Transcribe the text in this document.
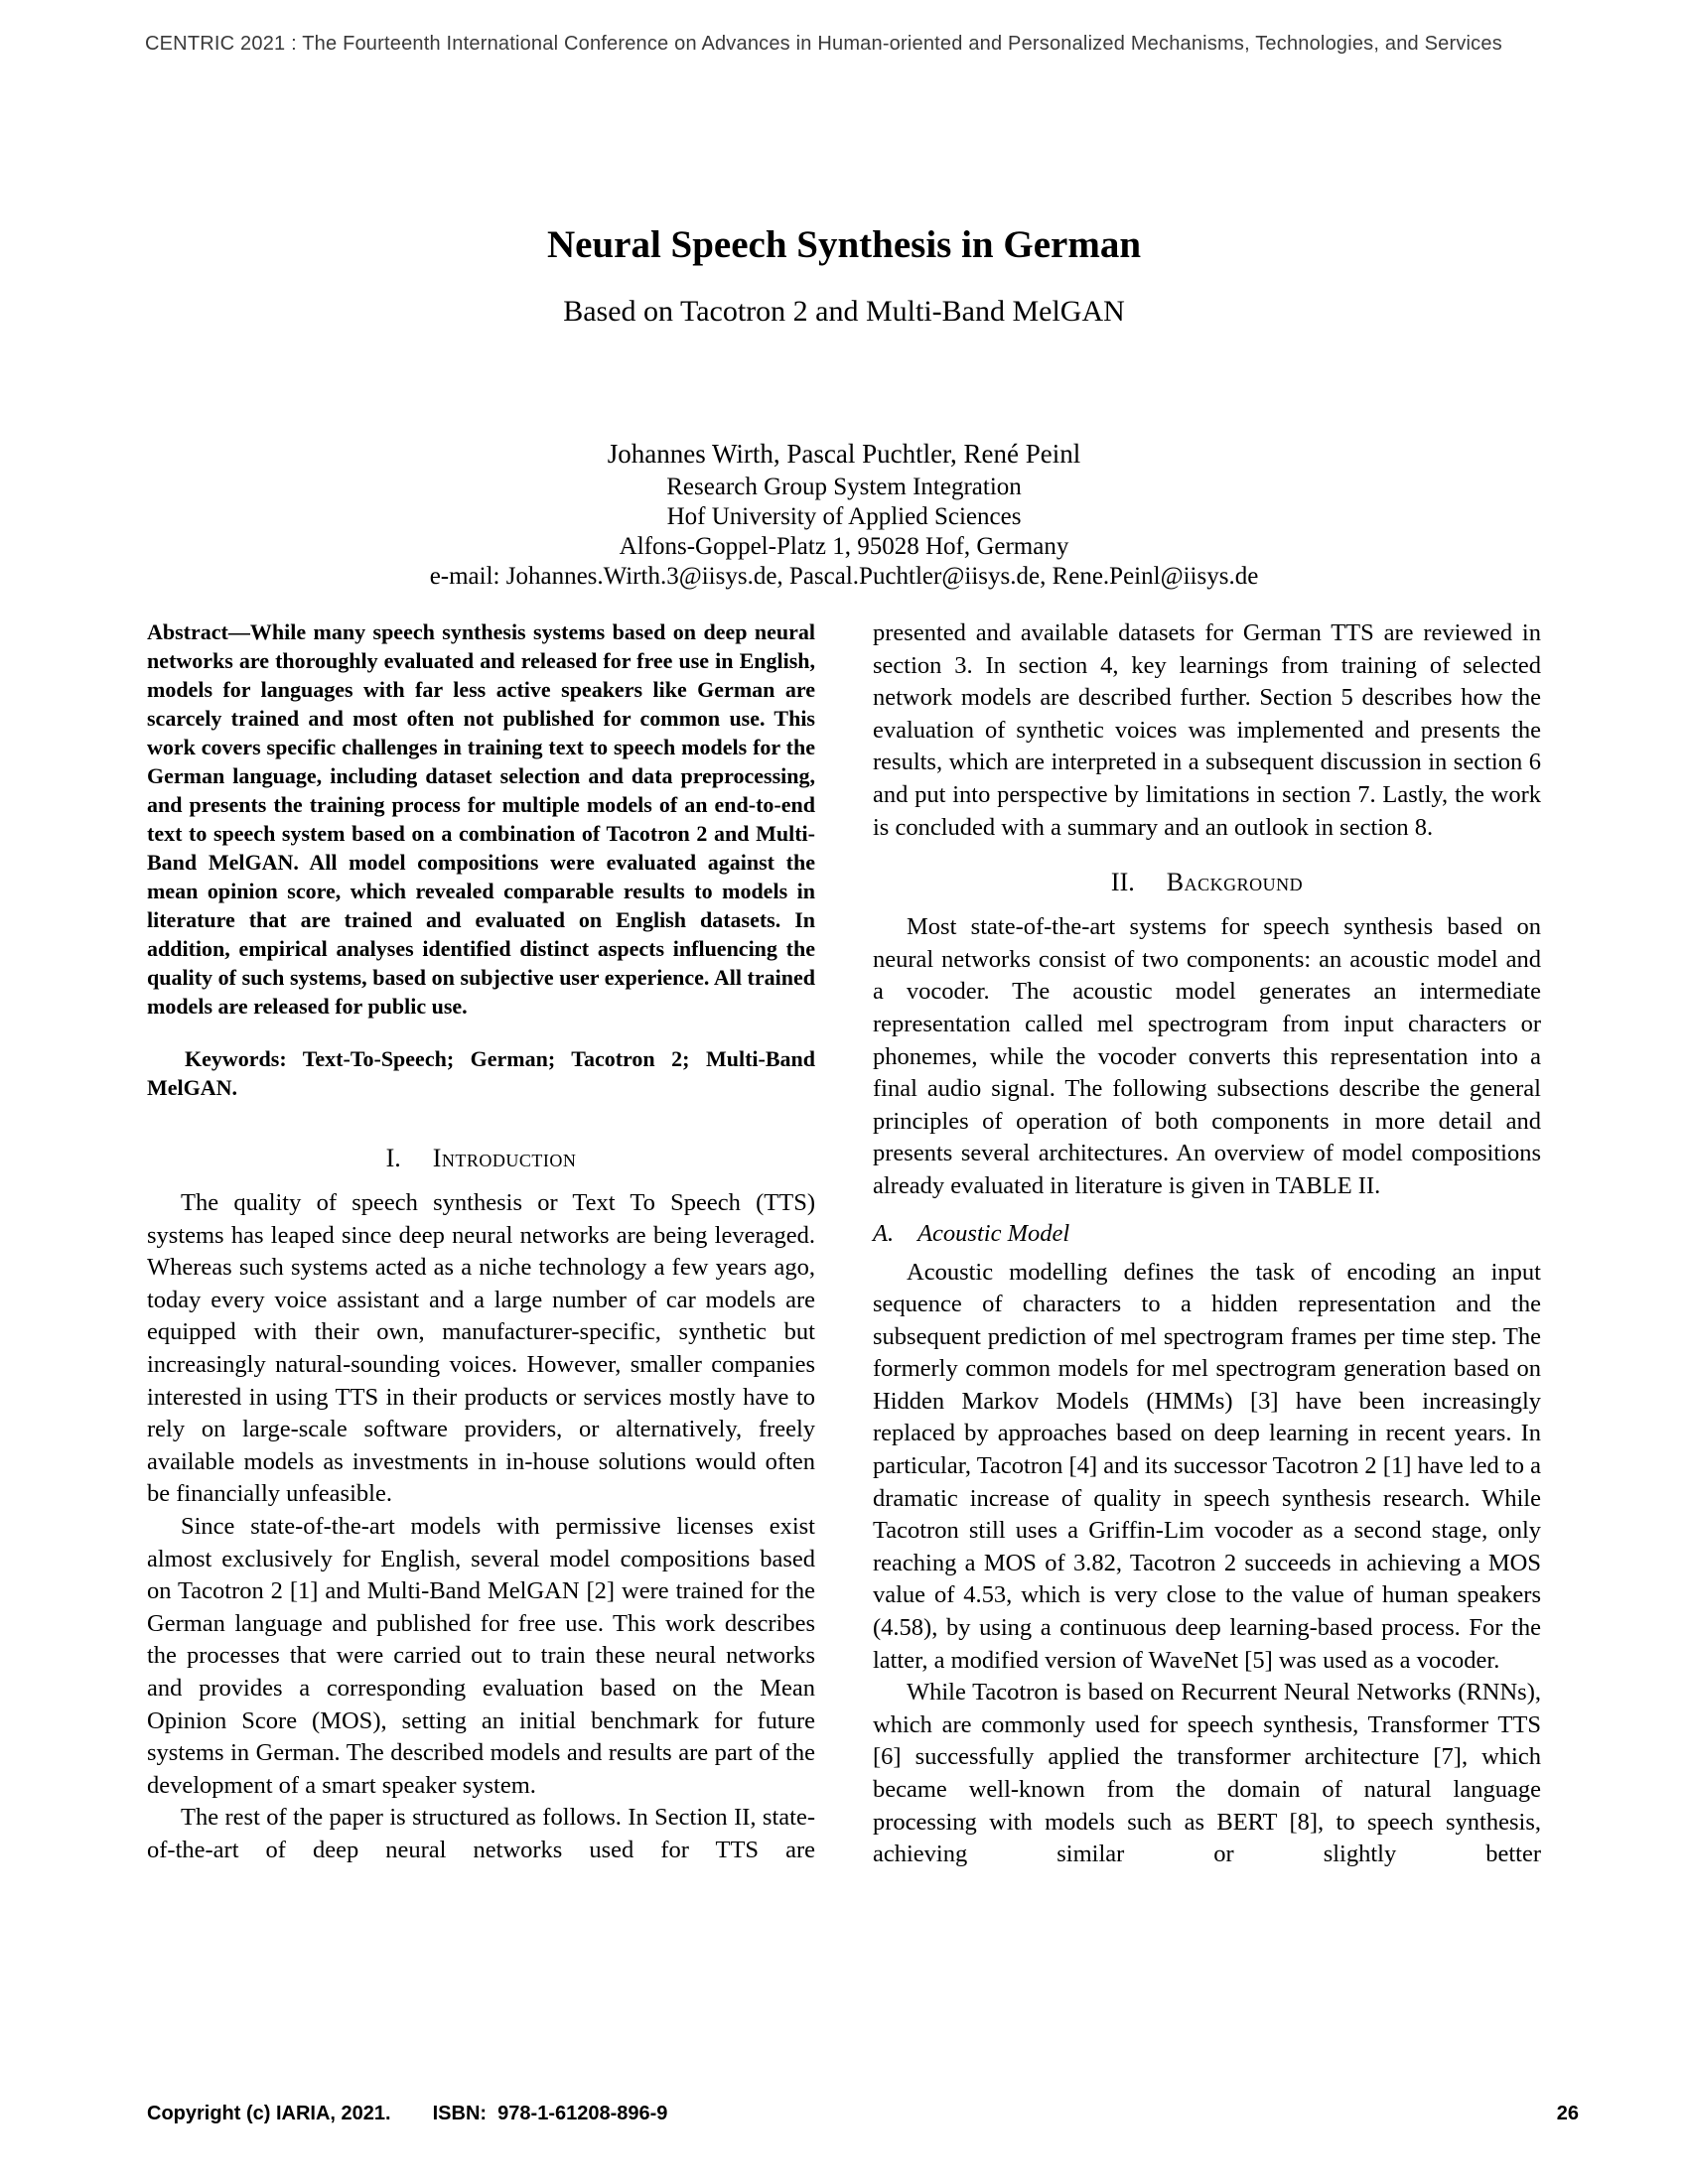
CENTRIC 2021 : The Fourteenth International Conference on Advances in Human-oriented and Personalized Mechanisms, Technologies, and Services
Neural Speech Synthesis in German
Based on Tacotron 2 and Multi-Band MelGAN
Johannes Wirth, Pascal Puchtler, René Peinl
Research Group System Integration
Hof University of Applied Sciences
Alfons-Goppel-Platz 1, 95028 Hof, Germany
e-mail: Johannes.Wirth.3@iisys.de, Pascal.Puchtler@iisys.de, Rene.Peinl@iisys.de

Abstract—While many speech synthesis systems based on deep neural networks are thoroughly evaluated and released for free use in English, models for languages with far less active speakers like German are scarcely trained and most often not published for common use. This work covers specific challenges in training text to speech models for the German language, including dataset selection and data preprocessing, and presents the training process for multiple models of an end-to-end text to speech system based on a combination of Tacotron 2 and Multi-Band MelGAN. All model compositions were evaluated against the mean opinion score, which revealed comparable results to models in literature that are trained and evaluated on English datasets. In addition, empirical analyses identified distinct aspects influencing the quality of such systems, based on subjective user experience. All trained models are released for public use.

Keywords: Text-To-Speech; German; Tacotron 2; Multi-Band MelGAN.

I. Introduction

The quality of speech synthesis or Text To Speech (TTS) systems has leaped since deep neural networks are being leveraged. Whereas such systems acted as a niche technology a few years ago, today every voice assistant and a large number of car models are equipped with their own, manufacturer-specific, synthetic but increasingly natural-sounding voices. However, smaller companies interested in using TTS in their products or services mostly have to rely on large-scale software providers, or alternatively, freely available models as investments in in-house solutions would often be financially unfeasible.

Since state-of-the-art models with permissive licenses exist almost exclusively for English, several model compositions based on Tacotron 2 [1] and Multi-Band MelGAN [2] were trained for the German language and published for free use. This work describes the processes that were carried out to train these neural networks and provides a corresponding evaluation based on the Mean Opinion Score (MOS), setting an initial benchmark for future systems in German. The described models and results are part of the development of a smart speaker system.

The rest of the paper is structured as follows. In Section II, state-of-the-art of deep neural networks used for TTS are

presented and available datasets for German TTS are reviewed in section 3. In section 4, key learnings from training of selected network models are described further. Section 5 describes how the evaluation of synthetic voices was implemented and presents the results, which are interpreted in a subsequent discussion in section 6 and put into perspective by limitations in section 7. Lastly, the work is concluded with a summary and an outlook in section 8.

II. Background

Most state-of-the-art systems for speech synthesis based on neural networks consist of two components: an acoustic model and a vocoder. The acoustic model generates an intermediate representation called mel spectrogram from input characters or phonemes, while the vocoder converts this representation into a final audio signal. The following subsections describe the general principles of operation of both components in more detail and presents several architectures. An overview of model compositions already evaluated in literature is given in TABLE II.

A. Acoustic Model

Acoustic modelling defines the task of encoding an input sequence of characters to a hidden representation and the subsequent prediction of mel spectrogram frames per time step. The formerly common models for mel spectrogram generation based on Hidden Markov Models (HMMs) [3] have been increasingly replaced by approaches based on deep learning in recent years. In particular, Tacotron [4] and its successor Tacotron 2 [1] have led to a dramatic increase of quality in speech synthesis research. While Tacotron still uses a Griffin-Lim vocoder as a second stage, only reaching a MOS of 3.82, Tacotron 2 succeeds in achieving a MOS value of 4.53, which is very close to the value of human speakers (4.58), by using a continuous deep learning-based process. For the latter, a modified version of WaveNet [5] was used as a vocoder.

While Tacotron is based on Recurrent Neural Networks (RNNs), which are commonly used for speech synthesis, Transformer TTS [6] successfully applied the transformer architecture [7], which became well-known from the domain of natural language processing with models such as BERT [8], to speech synthesis, achieving similar or slightly better

Copyright (c) IARIA, 2021. ISBN:  978-1-61208-896-9	26
